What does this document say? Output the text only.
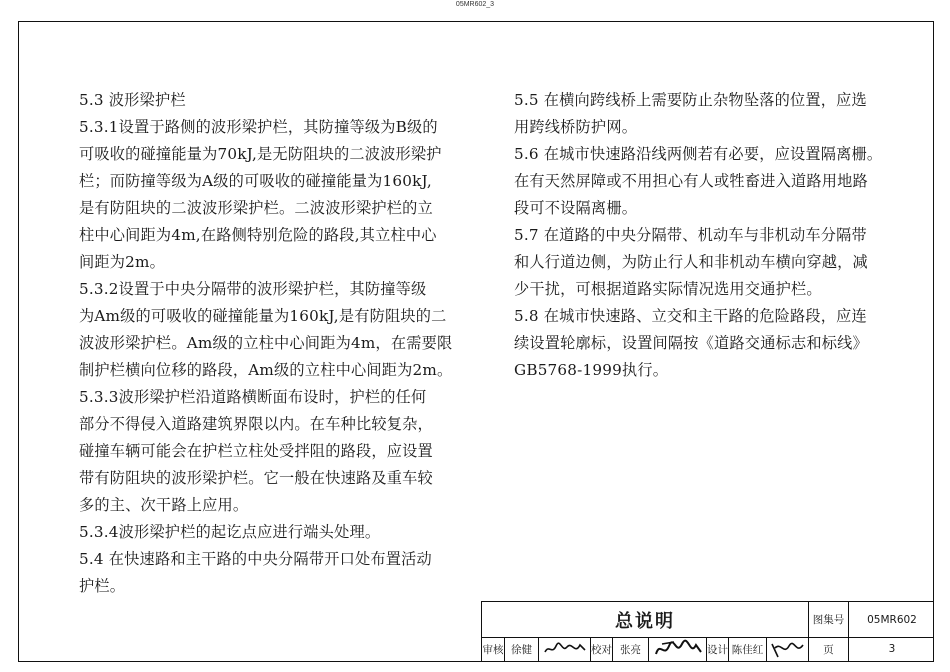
05MR602_3

5.3 波形梁护栏

5.3.1设置于路侧的波形梁护栏，其防撞等级为B级的

可吸收的碰撞能量为70kJ,是无防阻块的二波波形梁护

栏；而防撞等级为A级的可吸收的碰撞能量为160kJ,

是有防阻块的二波波形梁护栏。二波波形梁护栏的立

柱中心间距为4m,在路侧特别危险的路段,其立柱中心

间距为2m。

5.3.2设置于中央分隔带的波形梁护栏，其防撞等级

为Am级的可吸收的碰撞能量为160kJ,是有防阻块的二

波波形梁护栏。Am级的立柱中心间距为4m，在需要限

制护栏横向位移的路段，Am级的立柱中心间距为2m。

5.3.3波形梁护栏沿道路横断面布设时，护栏的任何

部分不得侵入道路建筑界限以内。在车种比较复杂，

碰撞车辆可能会在护栏立柱处受拌阻的路段，应设置

带有防阻块的波形梁护栏。它一般在快速路及重车较

多的主、次干路上应用。

5.3.4波形梁护栏的起讫点应进行端头处理。

5.4 在快速路和主干路的中央分隔带开口处布置活动

护栏。

5.5 在横向跨线桥上需要防止杂物坠落的位置，应选

用跨线桥防护网。

5.6 在城市快速路沿线两侧若有必要，应设置隔离栅。

在有天然屏障或不用担心有人或牲畜进入道路用地路

段可不设隔离栅。

5.7 在道路的中央分隔带、机动车与非机动车分隔带

和人行道边侧，为防止行人和非机动车横向穿越，减

少干扰，可根据道路实际情况选用交通护栏。

5.8 在城市快速路、立交和主干路的危险路段，应连

续设置轮廓标，设置间隔按《道路交通标志和标线》

GB5768-1999执行。

总说明	图集号	05MR602
审核 徐健	校对 张亮	设计 陈佳红	页	3
